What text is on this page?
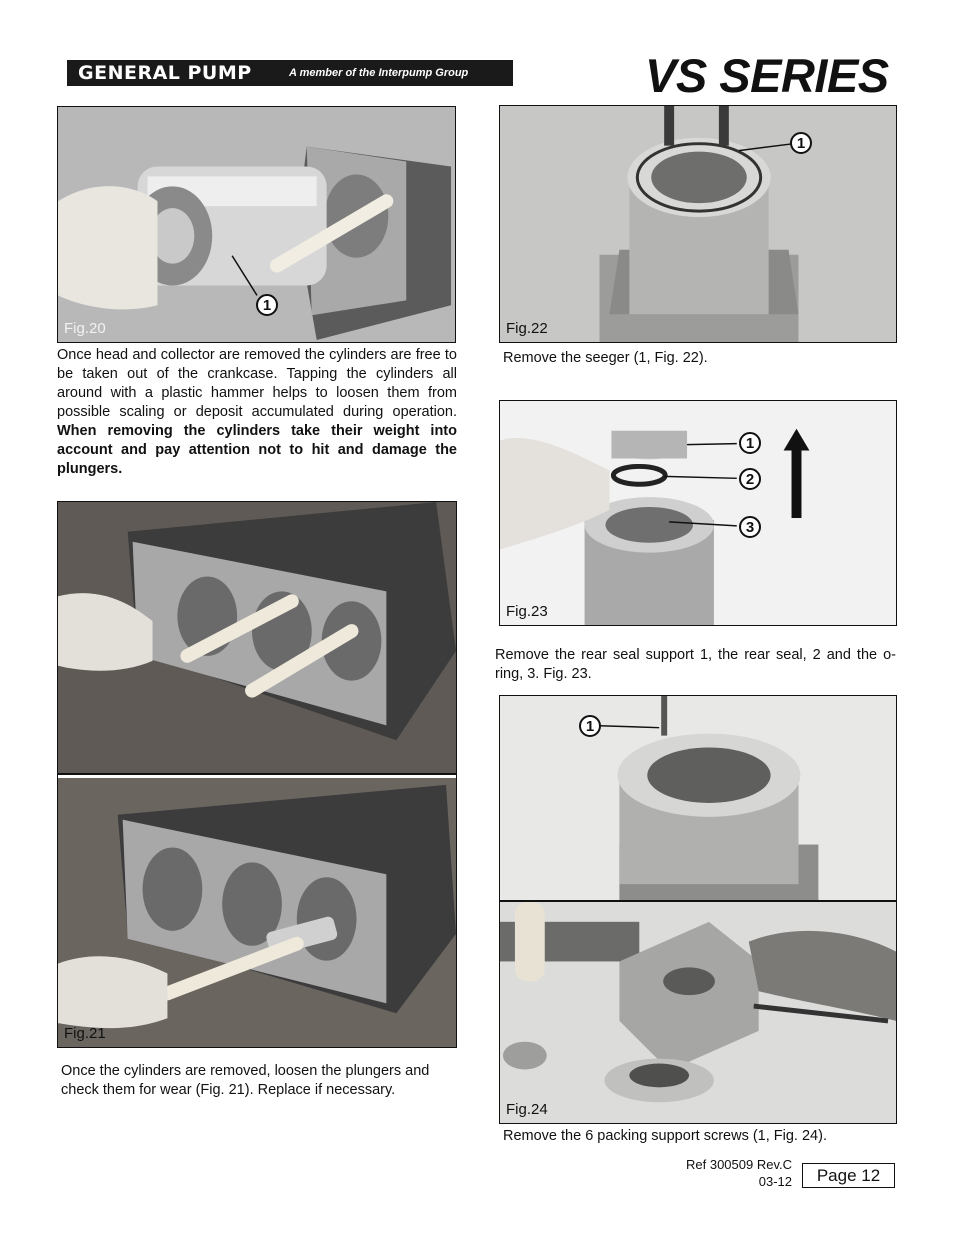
GENERAL PUMP	A member of the Interpump Group	VS SERIES
1
Fig.20
Once head and collector are removed the cylinders are free to be taken out of the crankcase. Tapping the cylinders all around with a plastic hammer helps to loosen them from possible scaling or deposit accumulated during operation. When removing the cylinders take their weight into account and pay attention not to hit and damage the plungers.
Fig.21
Once the cylinders are removed, loosen the plungers and check them for wear (Fig. 21). Replace if necessary.
1
Fig.22
Remove the seeger (1, Fig. 22).
1
2
3
Fig.23
Remove the rear seal support 1, the rear seal, 2 and the o-ring, 3. Fig. 23.
1
Fig.24
Remove the 6 packing support screws (1, Fig. 24).
Ref 300509 Rev.C
03-12	Page 12
